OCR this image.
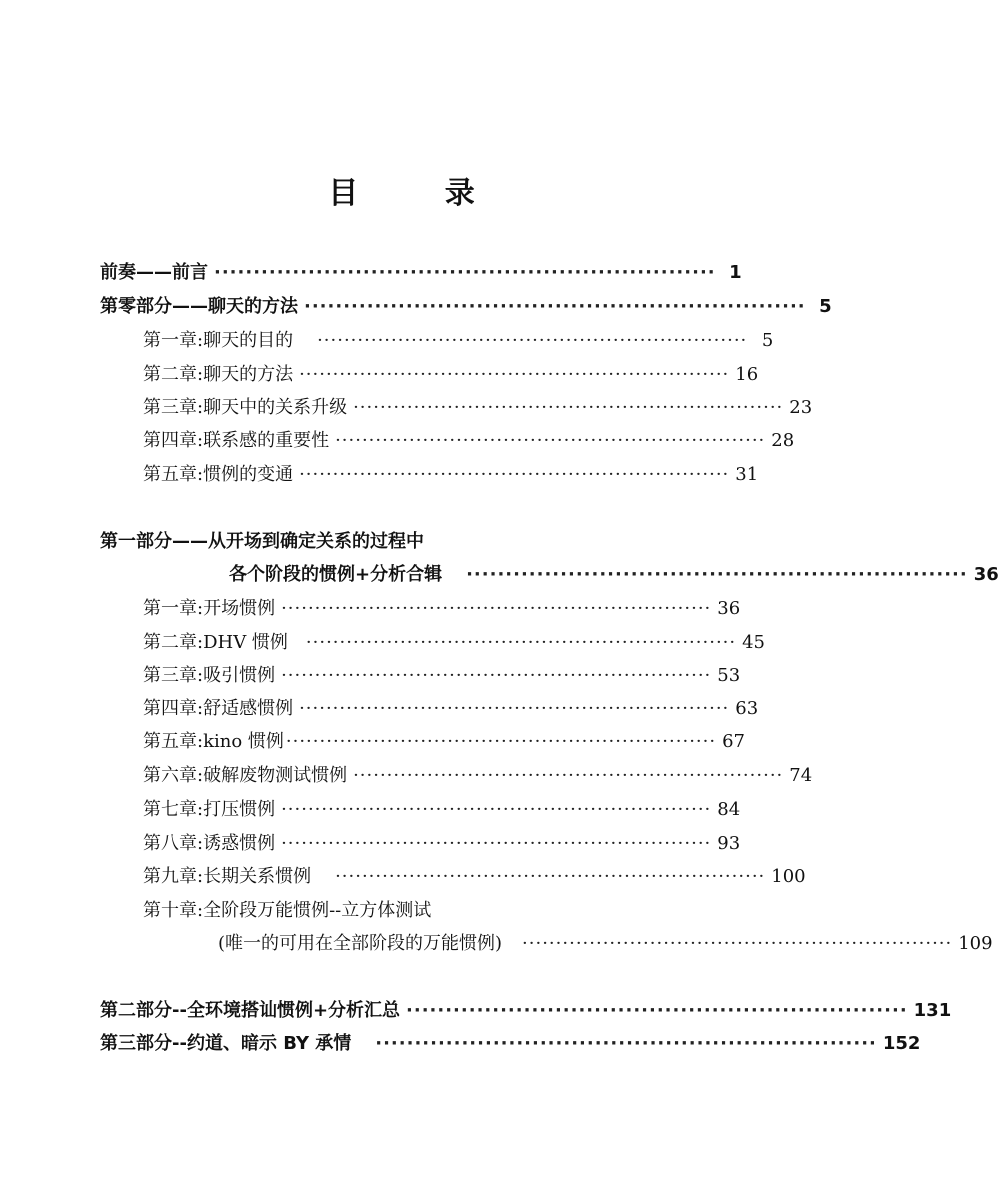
目 录
前奏——前言 ································································ 1
第零部分——聊天的方法 ································································ 5
第一章:聊天的目的 ································································ 5
第二章:聊天的方法 ································································ 16
第三章:聊天中的关系升级 ································································ 23
第四章:联系感的重要性 ································································ 28
第五章:惯例的变通 ································································ 31
第一部分——从开场到确定关系的过程中
各个阶段的惯例+分析合辑 ································································ 36
第一章:开场惯例 ································································ 36
第二章:DHV 惯例 ································································ 45
第三章:吸引惯例 ································································ 53
第四章:舒适感惯例 ································································ 63
第五章:kino 惯例 ································································ 67
第六章:破解废物测试惯例 ································································ 74
第七章:打压惯例 ································································ 84
第八章:诱惑惯例 ································································ 93
第九章:长期关系惯例 ································································ 100
第十章:全阶段万能惯例--立方体测试
(唯一的可用在全部阶段的万能惯例) ································································ 109
第二部分--全环境搭讪惯例+分析汇总 ································································ 131
第三部分--约道、暗示 BY 承情 ································································ 152
